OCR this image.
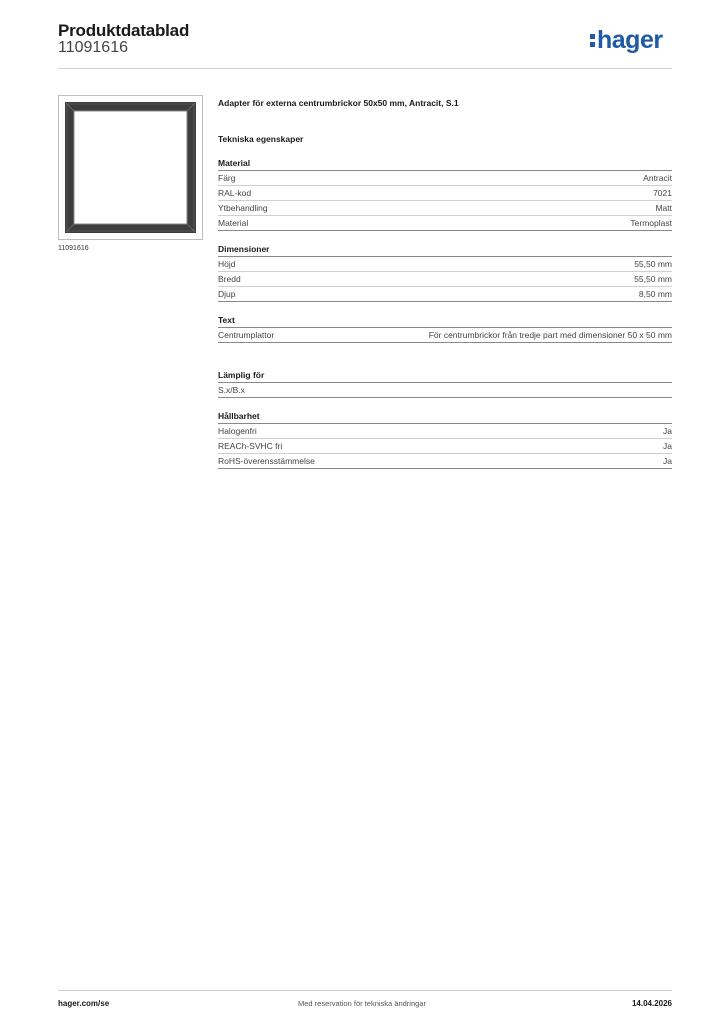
Produktdatablad
11091616	hager
11091616
Adapter för externa centrumbrickor 50x50 mm, Antracit, S.1
Tekniska egenskaper
Material
Färg	Antracit
RAL-kod	7021
Ytbehandling	Matt
Material	Termoplast
Dimensioner
Höjd	55,50 mm
Bredd	55,50 mm
Djup	8,50 mm
Text
Centrumplattor	För centrumbrickor från tredje part med dimensioner 50 x 50 mm
Lämplig för
S.x/B.x
Hållbarhet
Halogenfri	Ja
REACh-SVHC fri	Ja
RoHS-överensstämmelse	Ja
hager.com/se	Med reservation för tekniska ändringar	14.04.2026
